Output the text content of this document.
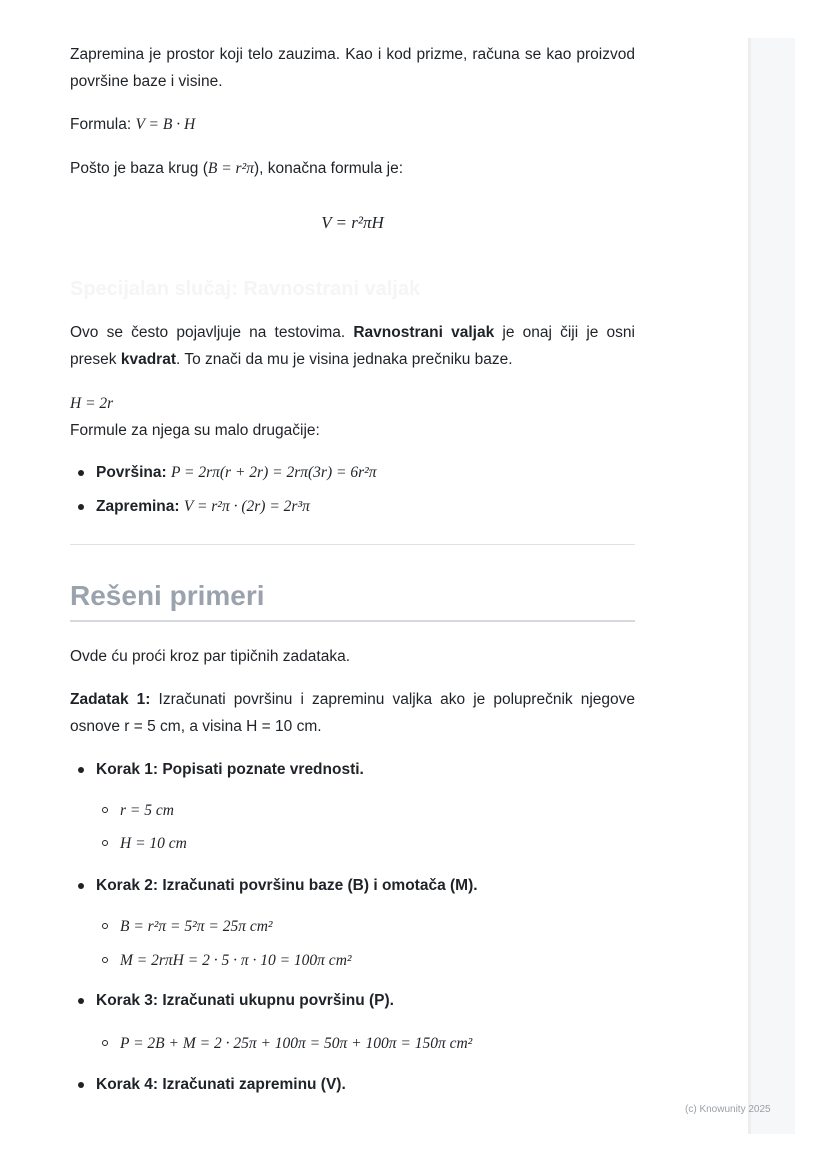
(c) Knowunity 2025

Zapremina je prostor koji telo zauzima. Kao i kod prizme, računa se kao proizvod površine baze i visine.

Formula: V = B · H

Pošto je baza krug (B = r²π), konačna formula je:

V = r²πH

Specijalan slučaj: Ravnostrani valjak

Ovo se često pojavljuje na testovima. Ravnostrani valjak je onaj čiji je osni presek kvadrat. To znači da mu je visina jednaka prečniku baze.

H = 2r

Formule za njega su malo drugačije:

Površina: P = 2rπ(r + 2r) = 2rπ(3r) = 6r²π
Zapremina: V = r²π · (2r) = 2r³π
Rešeni primeri

Ovde ću proći kroz par tipičnih zadataka.

Zadatak 1: Izračunati površinu i zapreminu valjka ako je poluprečnik njegove osnove r = 5 cm, a visina H = 10 cm.

Korak 1: Popisati poznate vrednosti.
r = 5 cm
H = 10 cm
Korak 2: Izračunati površinu baze (B) i omotača (M).
B = r²π = 5²π = 25π cm²
M = 2rπH = 2 · 5 · π · 10 = 100π cm²
Korak 3: Izračunati ukupnu površinu (P).
P = 2B + M = 2 · 25π + 100π = 50π + 100π = 150π cm²
Korak 4: Izračunati zapreminu (V).
